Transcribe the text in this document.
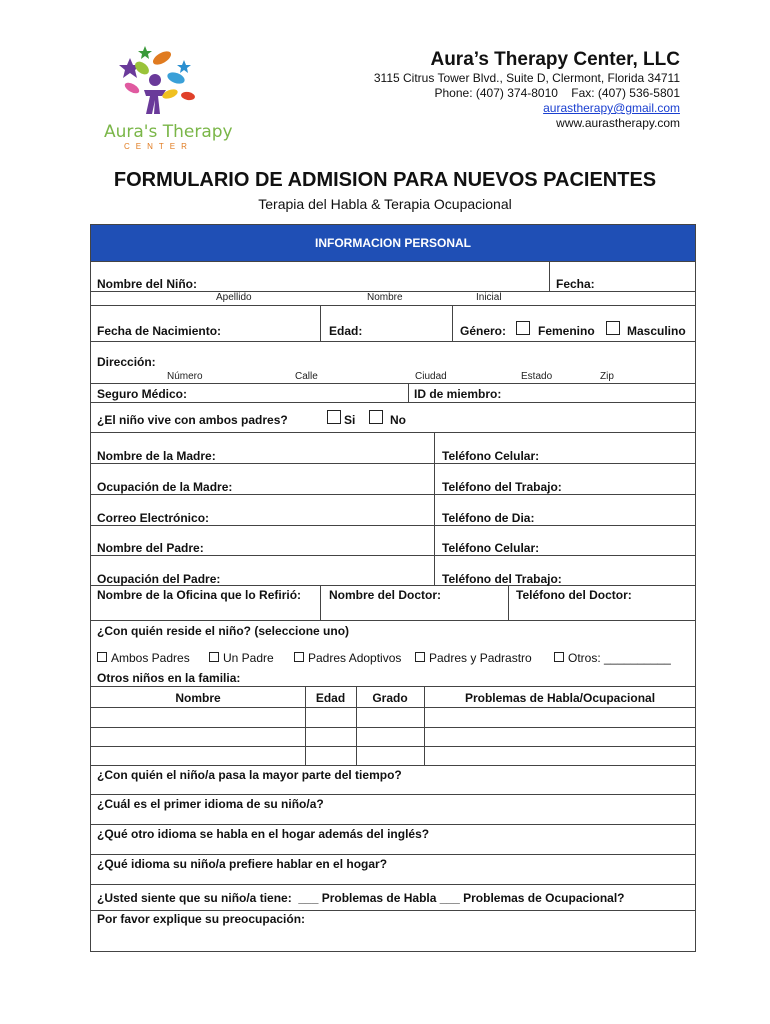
Aura's Therapy
CENTER
Aura’s Therapy Center, LLC
3115 Citrus Tower Blvd., Suite D, Clermont, Florida 34711
Phone: (407) 374-8010    Fax: (407) 536-5801
aurastherapy@gmail.com
www.aurastherapy.com
FORMULARIO DE ADMISION PARA NUEVOS PACIENTES
Terapia del Habla & Terapia Ocupacional
INFORMACION PERSONAL
Nombre del Niño:	Fecha:
Apellido	Nombre	Inicial
Fecha de Nacimiento:	Edad:	Género:	Femenino	Masculino
Dirección:
Número	Calle	Ciudad	Estado	Zip
Seguro Médico:	ID de miembro:
¿El niño vive con ambos padres?	Si	No
Nombre de la Madre:	Teléfono Celular:
Ocupación de la Madre:	Teléfono del Trabajo:
Correo Electrónico:	Teléfono de Dia:
Nombre del Padre:	Teléfono Celular:
Ocupación del Padre:	Teléfono del Trabajo:
Nombre de la Oficina que lo Refirió: Nombre del Doctor:	Teléfono del Doctor:
¿Con quién reside el niño? (seleccione uno)
Ambos Padres	Un Padre	Padres Adoptivos	Padres y Padrastro	Otros: __________
Otros niños en la familia:
Nombre	Edad	Grado	Problemas de Habla/Ocupacional
¿Con quién el niño/a pasa la mayor parte del tiempo?
¿Cuál es el primer idioma de su niño/a?
¿Qué otro idioma se habla en el hogar además del inglés?
¿Qué idioma su niño/a prefiere hablar en el hogar?
¿Usted siente que su niño/a tiene:  ___ Problemas de Habla ___ Problemas de Ocupacional?
Por favor explique su preocupación:
